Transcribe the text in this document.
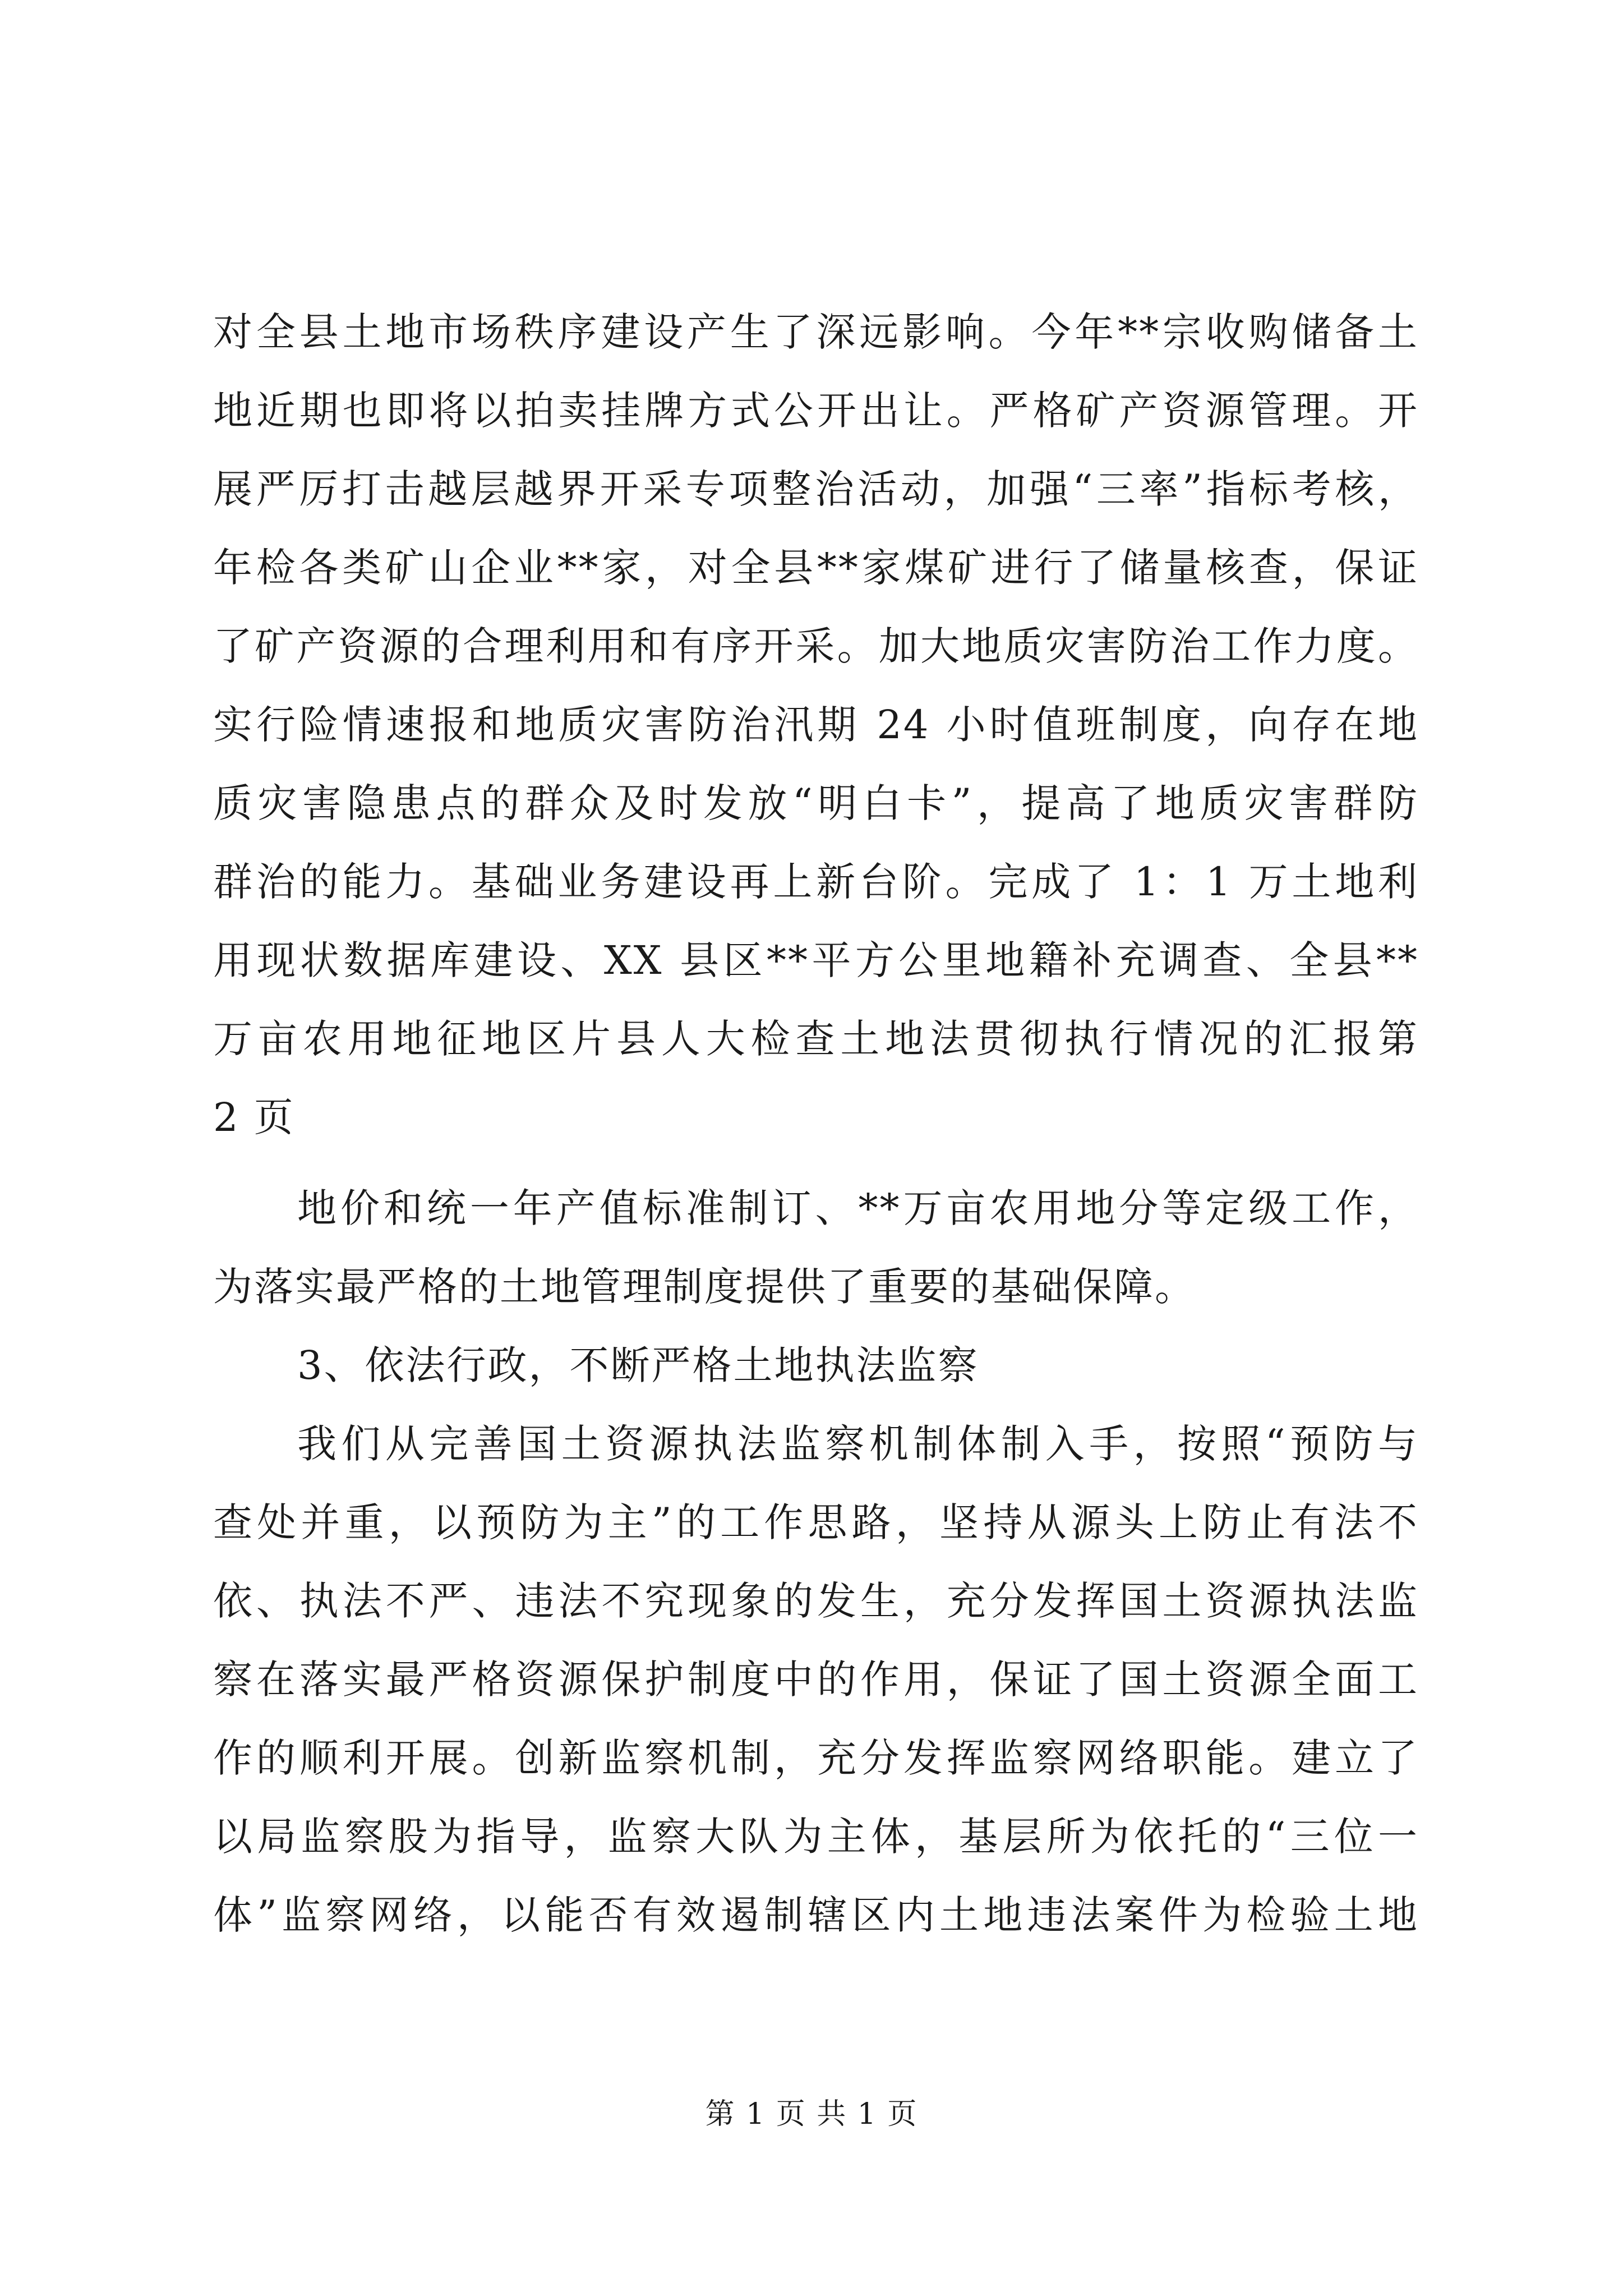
对全县土地市场秩序建设产生了深远影响。今年**宗收购储备土
地近期也即将以拍卖挂牌方式公开出让。严格矿产资源管理。开
展严厉打击越层越界开采专项整治活动，加强“三率”指标考核，
年检各类矿山企业**家，对全县**家煤矿进行了储量核查，保证
了矿产资源的合理利用和有序开采。加大地质灾害防治工作力度。
实行险情速报和地质灾害防治汛期 24 小时值班制度，向存在地
质灾害隐患点的群众及时发放“明白卡”，提高了地质灾害群防
群治的能力。基础业务建设再上新台阶。完成了 1：1 万土地利
用现状数据库建设、XX 县区**平方公里地籍补充调查、全县**
万亩农用地征地区片县人大检查土地法贯彻执行情况的汇报第
2 页
地价和统一年产值标准制订、**万亩农用地分等定级工作，
为落实最严格的土地管理制度提供了重要的基础保障。
3、依法行政，不断严格土地执法监察
我们从完善国土资源执法监察机制体制入手，按照“预防与
查处并重，以预防为主”的工作思路，坚持从源头上防止有法不
依、执法不严、违法不究现象的发生，充分发挥国土资源执法监
察在落实最严格资源保护制度中的作用，保证了国土资源全面工
作的顺利开展。创新监察机制，充分发挥监察网络职能。建立了
以局监察股为指导，监察大队为主体，基层所为依托的“三位一
体”监察网络，以能否有效遏制辖区内土地违法案件为检验土地
第 1 页 共 1 页
